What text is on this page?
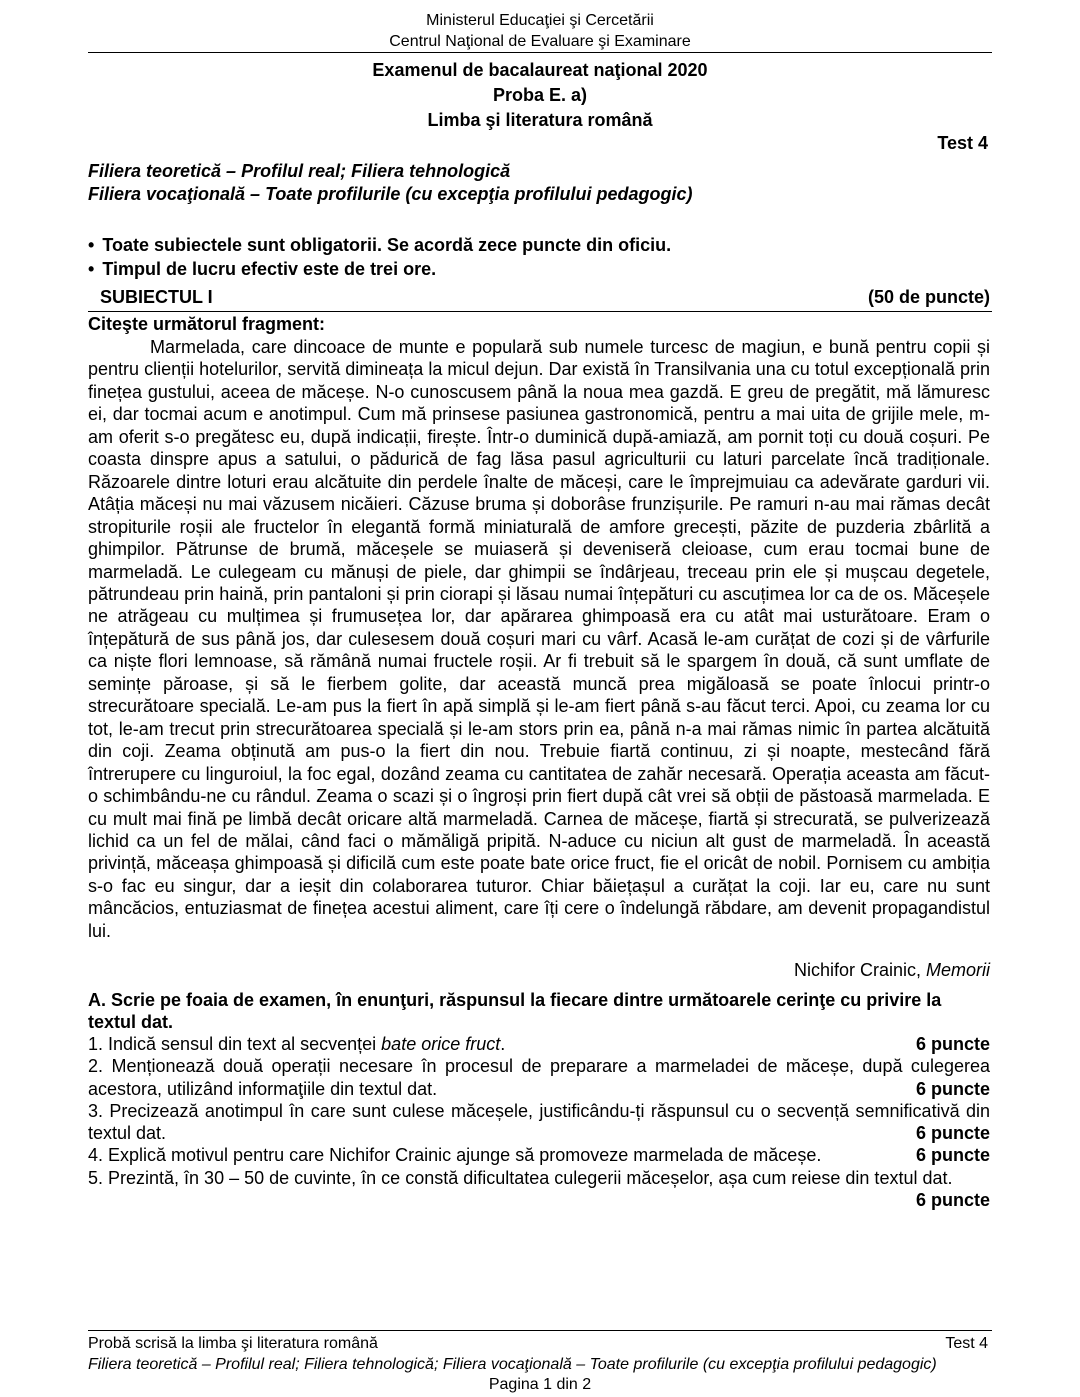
Ministerul Educaţiei şi Cercetării
Centrul Naţional de Evaluare şi Examinare
Examenul de bacalaureat naţional 2020
Proba E. a)
Limba şi literatura română
Test 4
Filiera teoretică – Profilul real; Filiera tehnologică
Filiera vocaţională – Toate profilurile (cu excepţia profilului pedagogic)
• Toate subiectele sunt obligatorii. Se acordă zece puncte din oficiu.
• Timpul de lucru efectiv este de trei ore.
SUBIECTUL I	(50 de puncte)
Citeşte următorul fragment:

Marmelada, care dincoace de munte e populară sub numele turcesc de magiun, e bună pentru copii și pentru clienții hotelurilor, servită dimineața la micul dejun. Dar există în Transilvania una cu totul excepțională prin finețea gustului, aceea de măceșe. N-o cunoscusem până la noua mea gazdă. E greu de pregătit, mă lămuresc ei, dar tocmai acum e anotimpul. Cum mă prinsese pasiunea gastronomică, pentru a mai uita de grijile mele, m-am oferit s-o pregătesc eu, după indicații, firește. Într-o duminică după-amiază, am pornit toți cu două coșuri. Pe coasta dinspre apus a satului, o pădurică de fag lăsa pasul agriculturii cu laturi parcelate încă tradiționale. Răzoarele dintre loturi erau alcătuite din perdele înalte de măceși, care le împrejmuiau ca adevărate garduri vii. Atâția măceși nu mai văzusem nicăieri. Căzuse bruma și doborâse frunzișurile. Pe ramuri n-au mai rămas decât stropiturile roșii ale fructelor în elegantă formă miniaturală de amfore grecești, păzite de puzderia zbârlită a ghimpilor. Pătrunse de brumă, măceșele se muiaseră și deveniseră cleioase, cum erau tocmai bune de marmeladă. Le culegeam cu mănuși de piele, dar ghimpii se îndârjeau, treceau prin ele și mușcau degetele, pătrundeau prin haină, prin pantaloni și prin ciorapi și lăsau numai înțepături cu ascuțimea lor ca de os. Măceșele ne atrăgeau cu mulțimea și frumusețea lor, dar apărarea ghimpoasă era cu atât mai usturătoare. Eram o înțepătură de sus până jos, dar culesesem două coșuri mari cu vârf. Acasă le-am curățat de cozi și de vârfurile ca niște flori lemnoase, să rămână numai fructele roșii. Ar fi trebuit să le spargem în două, că sunt umflate de semințe păroase, și să le fierbem golite, dar această muncă prea migăloasă se poate înlocui printr-o strecurătoare specială. Le-am pus la fiert în apă simplă și le-am fiert până s-au făcut terci. Apoi, cu zeama lor cu tot, le-am trecut prin strecurătoarea specială și le-am stors prin ea, până n-a mai rămas nimic în partea alcătuită din coji. Zeama obținută am pus-o la fiert din nou. Trebuie fiartă continuu, zi și noapte, mestecând fără întrerupere cu linguroiul, la foc egal, dozând zeama cu cantitatea de zahăr necesară. Operația aceasta am făcut-o schimbându-ne cu rândul. Zeama o scazi și o îngroși prin fiert după cât vrei să obții de păstoasă marmelada. E cu mult mai fină pe limbă decât oricare altă marmeladă. Carnea de măceșe, fiartă și strecurată, se pulverizează lichid ca un fel de mălai, când faci o mămăligă pripită. N-aduce cu niciun alt gust de marmeladă. În această privință, măceașa ghimpoasă și dificilă cum este poate bate orice fruct, fie el oricât de nobil. Pornisem cu ambiția s-o fac eu singur, dar a ieșit din colaborarea tuturor. Chiar băiețașul a curățat la coji. Iar eu, care nu sunt mâncăcios, entuziasmat de finețea acestui aliment, care îți cere o îndelungă răbdare, am devenit propagandistul lui.

Nichifor Crainic, Memorii
A. Scrie pe foaia de examen, în enunţuri, răspunsul la fiecare dintre următoarele cerinţe cu privire la textul dat.
1. Indică sensul din text al secvenței bate orice fruct.	6 puncte
2. Menționează două operații necesare în procesul de preparare a marmeladei de măceșe, după culegerea acestora, utilizând informaţiile din textul dat.	6 puncte
3. Precizează anotimpul în care sunt culese măceșele, justificându-ți răspunsul cu o secvență semnificativă din textul dat.	6 puncte
4. Explică motivul pentru care Nichifor Crainic ajunge să promoveze marmelada de măceșe.	6 puncte
5. Prezintă, în 30 – 50 de cuvinte, în ce constă dificultatea culegerii măceșelor, așa cum reiese din textul dat.
6 puncte
Probă scrisă la limba şi literatura română	Test 4
Filiera teoretică – Profilul real; Filiera tehnologică; Filiera vocaţională – Toate profilurile (cu excepţia profilului pedagogic)
Pagina 1 din 2
